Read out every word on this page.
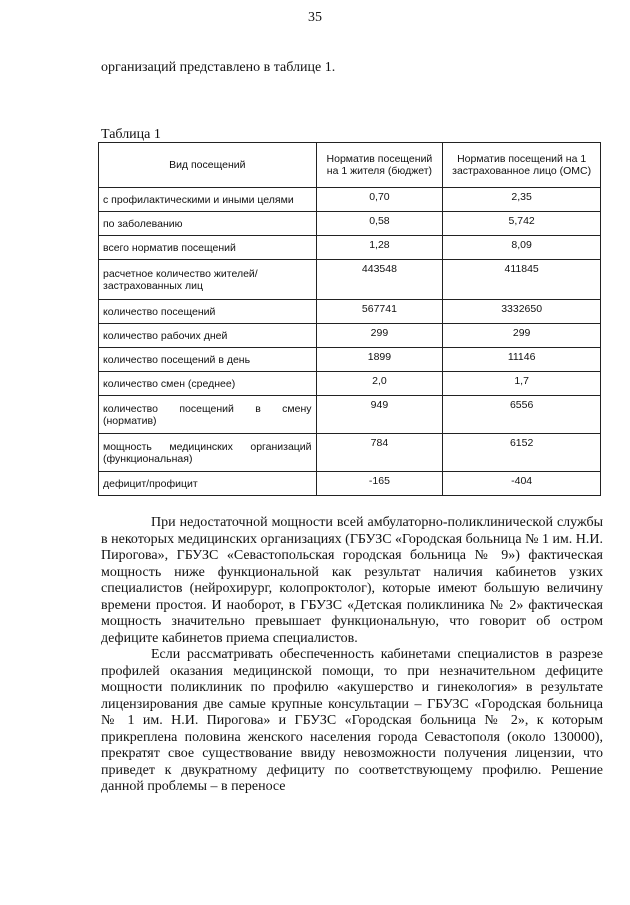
35
организаций представлено в таблице 1.
Таблица 1
Вид посещений	Норматив посещений на 1 жителя (бюджет)	Норматив посещений на 1 застрахованное лицо (ОМС)
с профилактическими и иными целями	0,70	2,35
по заболеванию	0,58	5,742
всего норматив посещений	1,28	8,09
расчетное количество жителей/застрахованных лиц	443548	411845
количество посещений	567741	3332650
количество рабочих дней	299	299
количество посещений в день	1899	11146
количество смен (среднее)	2,0	1,7
количество посещений в смену (норматив)	949	6556
мощность медицинских организаций (функциональная)	784	6152
дефицит/профицит	-165	-404

При недостаточной мощности всей амбулаторно-поликлинической службы в некоторых медицинских организациях (ГБУЗС «Городская больница № 1 им. Н.И. Пирогова», ГБУЗС «Севастопольская городская больница № 9») фактическая мощность ниже функциональной как результат наличия кабинетов узких специалистов (нейрохирург, колопроктолог), которые имеют большую величину времени простоя. И наоборот, в ГБУЗС «Детская поликлиника № 2» фактическая мощность значительно превышает функциональную, что говорит об остром дефиците кабинетов приема специалистов.

Если рассматривать обеспеченность кабинетами специалистов в разрезе профилей оказания медицинской помощи, то при незначительном дефиците мощности поликлиник по профилю «акушерство и гинекология» в результате лицензирования две самые крупные консультации – ГБУЗС «Городская больница № 1 им. Н.И. Пирогова» и ГБУЗС «Городская больница № 2», к которым прикреплена половина женского населения города Севастополя (около 130000), прекратят свое существование ввиду невозможности получения лицензии, что приведет к двукратному дефициту по соответствующему профилю. Решение данной проблемы – в переносе
